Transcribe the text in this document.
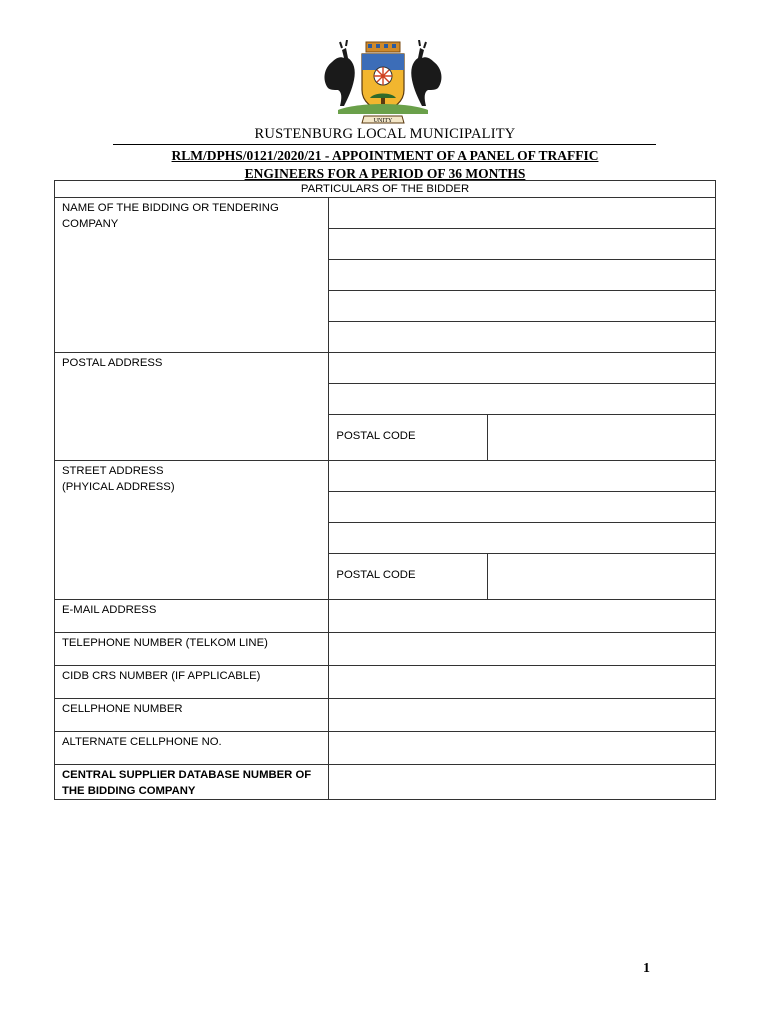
UNITY
RUSTENBURG LOCAL MUNICIPALITY
RLM/DPHS/0121/2020/21 - APPOINTMENT OF A PANEL OF TRAFFIC
ENGINEERS FOR A PERIOD OF 36 MONTHS
PARTICULARS OF THE BIDDER		
NAME OF THE BIDDING OR TENDERING COMPANY		

POSTAL ADDRESS		

	POSTAL CODE	

STREET ADDRESS
(PHYICAL ADDRESS)		

	POSTAL CODE	
E-MAIL ADDRESS		
TELEPHONE NUMBER (TELKOM LINE)		
CIDB CRS NUMBER (IF APPLICABLE)		
CELLPHONE NUMBER		
ALTERNATE CELLPHONE NO.		
CENTRAL SUPPLIER DATABASE NUMBER OF THE BIDDING COMPANY		
1
